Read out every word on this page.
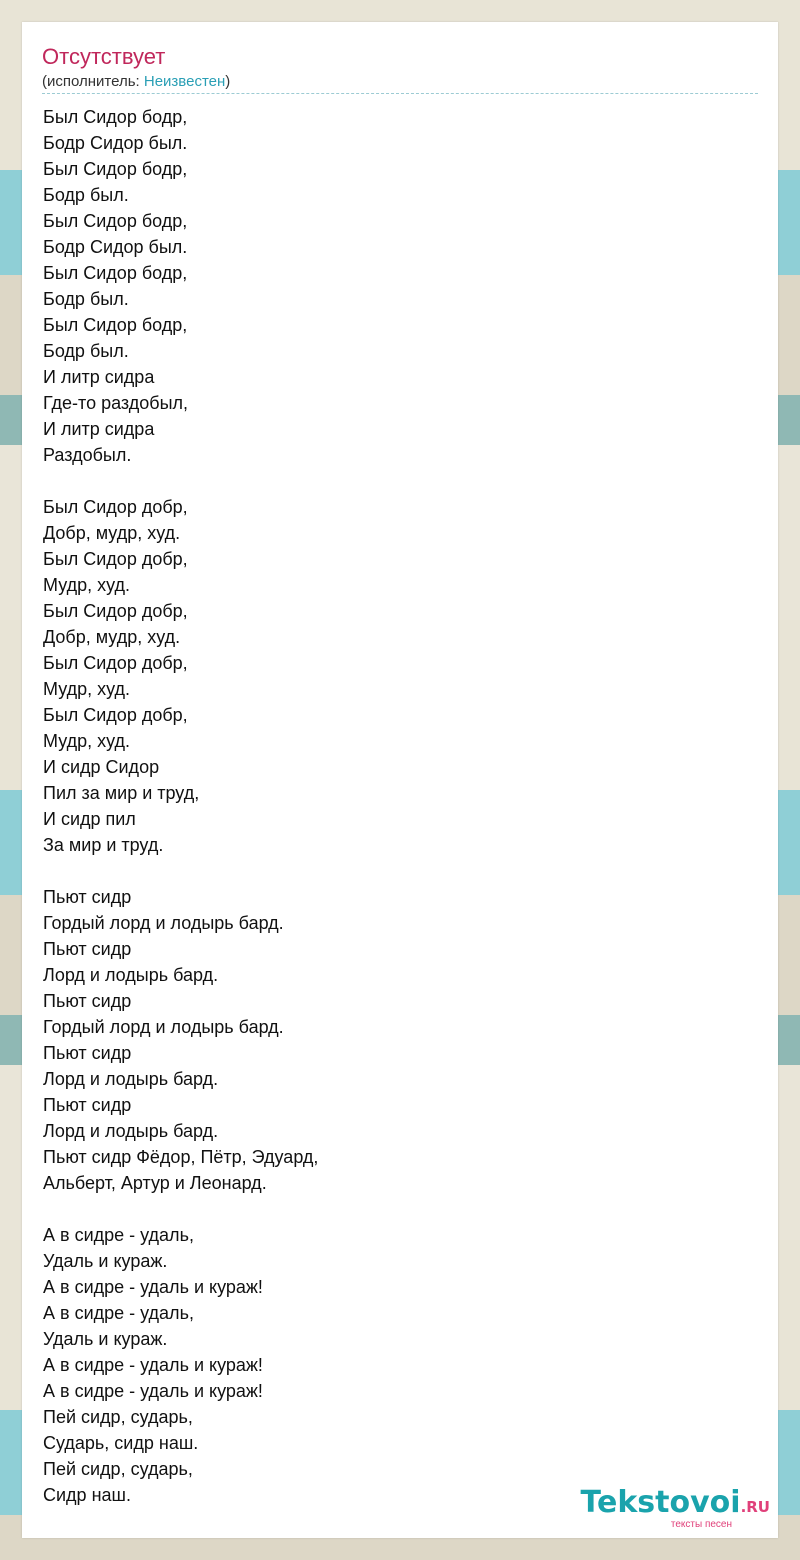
Отсутствует
(исполнитель: Неизвестен)
Был Сидор бодр,
Бодр Сидор был.
Был Сидор бодр,
Бодр был.
Был Сидор бодр,
Бодр Сидор был.
Был Сидор бодр,
Бодр был.
Был Сидор бодр,
Бодр был.
И литр сидра
Где-то раздобыл,
И литр сидра
Раздобыл.
Был Сидор добр,
Добр, мудр, худ.
Был Сидор добр,
Мудр, худ.
Был Сидор добр,
Добр, мудр, худ.
Был Сидор добр,
Мудр, худ.
Был Сидор добр,
Мудр, худ.
И сидр Сидор
Пил за мир и труд,
И сидр пил
За мир и труд.
Пьют сидр
Гордый лорд и лодырь бард.
Пьют сидр
Лорд и лодырь бард.
Пьют сидр
Гордый лорд и лодырь бард.
Пьют сидр
Лорд и лодырь бард.
Пьют сидр
Лорд и лодырь бард.
Пьют сидр Фёдор, Пётр, Эдуард,
Альберт, Артур и Леонард.
А в сидре - удаль,
Удаль и кураж.
А в сидре - удаль и кураж!
А в сидре - удаль,
Удаль и кураж.
А в сидре - удаль и кураж!
А в сидре - удаль и кураж!
Пей сидр, сударь,
Сударь, сидр наш.
Пей сидр, сударь,
Сидр наш.	Tekstovoi.RU
тексты песен
